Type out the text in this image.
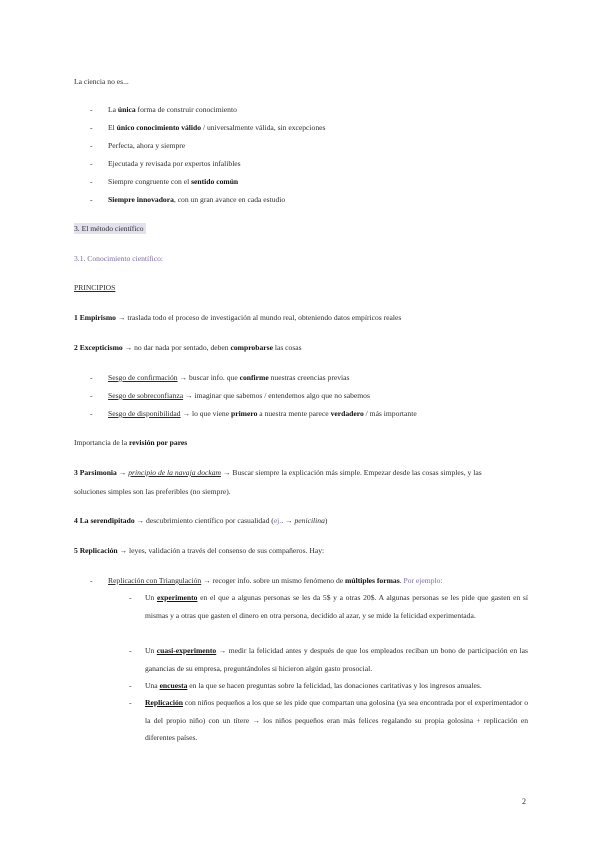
La ciencia no es...
- La única forma de construir conocimiento
- El único conocimiento válido / universalmente válida, sin excepciones
- Perfecta, ahora y siempre
- Ejecutada y revisada por expertos infalibles
- Siempre congruente con el sentido común
- Siempre innovadora, con un gran avance en cada estudio
3. El método científico
3.1. Conocimiento científico:
PRINCIPIOS
1 Empirismo → traslada todo el proceso de investigación al mundo real, obteniendo datos empíricos reales
2 Excepticismo → no dar nada por sentado, deben comprobarse las cosas
- Sesgo de confirmación → buscar info. que confirme nuestras creencias previas
- Sesgo de sobreconfianza → imaginar que sabemos / entendemos algo que no sabemos
- Sesgo de disponibilidad → lo que viene primero a nuestra mente parece verdadero / más importante
Importancia de la revisión por pares
3 Parsimonia → principio de la navaja dockam → Buscar siempre la explicación más simple. Empezar desde las cosas simples, y las
soluciones simples son las preferibles (no siempre).
4 La serendipitado → descubrimiento científico por casualidad (ej.. → penicilina)
5 Replicación → leyes, validación a través del consenso de sus compañeros. Hay:
- Replicación con Triangulación → recoger info. sobre un mismo fenómeno de múltiples formas. Por ejemplo:
- Un experimento en el que a algunas personas se les da 5$ y a otras 20$. A algunas personas se les pide que gasten en sí mismas y a otras que gasten el dinero en otra persona, decidido al azar, y se mide la felicidad experimentada.
- Un cuasi-experimento → medir la felicidad antes y después de que los empleados reciban un bono de participación en las ganancias de su empresa, preguntándoles si hicieron algún gasto prosocial.
- Una encuesta en la que se hacen preguntas sobre la felicidad, las donaciones caritativas y los ingresos anuales.
- Replicación con niños pequeños a los que se les pide que compartan una golosina (ya sea encontrada por el experimentador o la del propio niño) con un títere → los niños pequeños eran más felices regalando su propia golosina + replicación en diferentes países.
2
